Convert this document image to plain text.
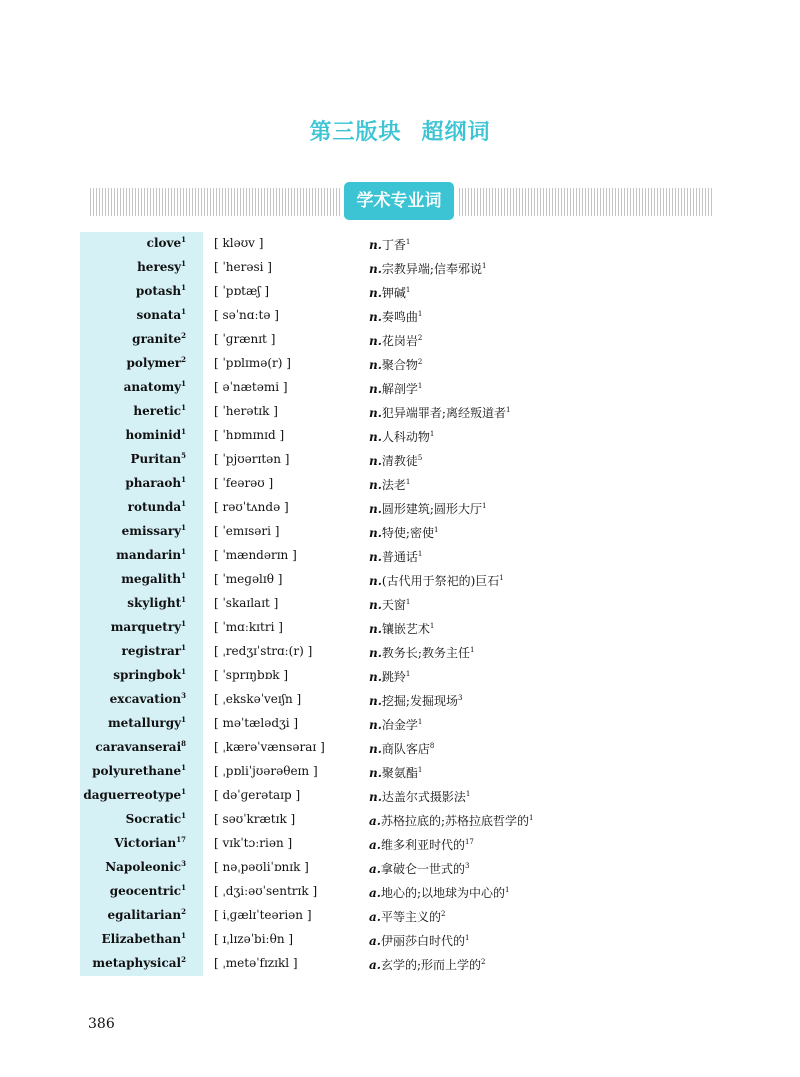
第三版块 超纲词
学术专业词
clove$^1$ [ kləʊv ]	n.丁香$^1$
heresy$^1$ [ ˈherəsi ]	n.宗教异端;信奉邪说$^1$
potash$^1$ [ ˈpɒtæʃ ]	n.钾碱$^1$
sonata$^1$ [ səˈnɑːtə ]	n.奏鸣曲$^1$
granite$^2$ [ ˈɡrænɪt ]	n.花岗岩$^2$
polymer$^2$ [ ˈpɒlɪmə(r) ]	n.聚合物$^2$
anatomy$^1$ [ əˈnætəmi ]	n.解剖学$^1$
heretic$^1$ [ ˈherətɪk ]	n.犯异端罪者;离经叛道者$^1$
hominid$^1$ [ ˈhɒmɪnɪd ]	n.人科动物$^1$
Puritan$^5$ [ ˈpjʊərɪtən ]	n.清教徒$^5$
pharaoh$^1$ [ ˈfeərəʊ ]	n.法老$^1$
rotunda$^1$ [ rəʊˈtʌndə ]	n.圆形建筑;圆形大厅$^1$
emissary$^1$ [ ˈemɪsəri ]	n.特使;密使$^1$
mandarin$^1$ [ ˈmændərɪn ]	n.普通话$^1$
megalith$^1$ [ ˈmeɡəlɪθ ]	n.(古代用于祭祀的)巨石$^1$
skylight$^1$ [ ˈskaɪlaɪt ]	n.天窗$^1$
marquetry$^1$ [ ˈmɑːkɪtri ]	n.镶嵌艺术$^1$
registrar$^1$ [ ˌredʒɪˈstrɑː(r) ]	n.教务长;教务主任$^1$
springbok$^1$ [ ˈsprɪŋbɒk ]	n.跳羚$^1$
excavation$^3$ [ ˌekskəˈveɪʃn ]	n.挖掘;发掘现场$^3$
metallurgy$^1$ [ məˈtælədʒi ]	n.冶金学$^1$
caravanserai$^8$ [ ˌkærəˈvænsəraɪ ]	n.商队客店$^8$
polyurethane$^1$ [ ˌpɒliˈjʊərəθeɪn ]	n.聚氨酯$^1$
daguerreotype$^1$ [ dəˈɡerətaɪp ]	n.达盖尔式摄影法$^1$
Socratic$^1$ [ səʊˈkrætɪk ]	a.苏格拉底的;苏格拉底哲学的$^1$
Victorian$^{17}$ [ vɪkˈtɔːriən ]	a.维多利亚时代的$^{17}$
Napoleonic$^3$ [ nəˌpəʊliˈɒnɪk ]	a.拿破仑一世式的$^3$
geocentric$^1$ [ ˌdʒiːəʊˈsentrɪk ]	a.地心的;以地球为中心的$^1$
egalitarian$^2$ [ iˌɡælɪˈteəriən ]	a.平等主义的$^2$
Elizabethan$^1$ [ ɪˌlɪzəˈbiːθn ]	a.伊丽莎白时代的$^1$
metaphysical$^2$ [ ˌmetəˈfɪzɪkl ]	a.玄学的;形而上学的$^2$
386
